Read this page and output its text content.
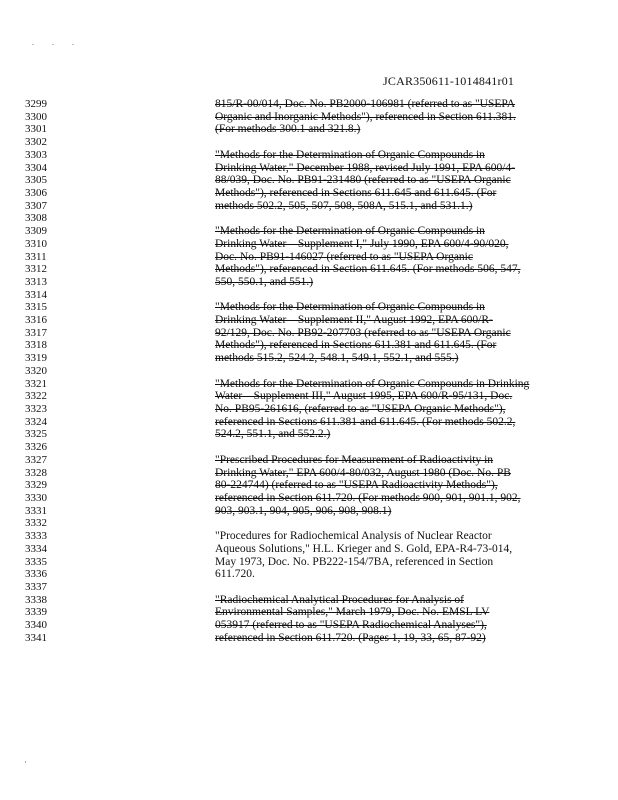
. . .
JCAR350611-1014841r01
3299	815/R-00/014, Doc. No. PB2000-106981 (referred to as "USEPA
3300	Organic and Inorganic Methods"), referenced in Section 611.381.
3301	(For methods 300.1 and 321.8.)
3302
3303	"Methods for the Determination of Organic Compounds in
3304	Drinking Water," December 1988, revised July 1991, EPA 600/4-
3305	88/039, Doc. No. PB91-231480 (referred to as "USEPA Organic
3306	Methods"), referenced in Sections 611.645 and 611.645. (For
3307	methods 502.2, 505, 507, 508, 508A, 515.1, and 531.1.)
3308
3309	"Methods for the Determination of Organic Compounds in
3310	Drinking Water – Supplement I," July 1990, EPA 600/4-90/020,
3311	Doc. No. PB91-146027 (referred to as "USEPA Organic
3312	Methods"), referenced in Section 611.645. (For methods 506, 547,
3313	550, 550.1, and 551.)
3314
3315	"Methods for the Determination of Organic Compounds in
3316	Drinking Water – Supplement II," August 1992, EPA 600/R-
3317	92/129, Doc. No. PB92-207703 (referred to as "USEPA Organic
3318	Methods"), referenced in Sections 611.381 and 611.645. (For
3319	methods 515.2, 524.2, 548.1, 549.1, 552.1, and 555.)
3320
3321	"Methods for the Determination of Organic Compounds in Drinking
3322	Water – Supplement III," August 1995, EPA 600/R-95/131, Doc.
3323	No. PB95-261616, (referred to as "USEPA Organic Methods"),
3324	referenced in Sections 611.381 and 611.645. (For methods 502.2,
3325	524.2, 551.1, and 552.2.)
3326
3327	"Prescribed Procedures for Measurement of Radioactivity in
3328	Drinking Water," EPA 600/4-80/032, August 1980 (Doc. No. PB
3329	80-224744) (referred to as "USEPA Radioactivity Methods"),
3330	referenced in Section 611.720. (For methods 900, 901, 901.1, 902,
3331	903, 903.1, 904, 905, 906, 908, 908.1)
3332
3333	"Procedures for Radiochemical Analysis of Nuclear Reactor
3334	Aqueous Solutions," H.L. Krieger and S. Gold, EPA-R4-73-014,
3335	May 1973, Doc. No. PB222-154/7BA, referenced in Section
3336	611.720.
3337
3338	"Radiochemical Analytical Procedures for Analysis of
3339	Environmental Samples," March 1979, Doc. No. EMSL LV
3340	053917 (referred to as "USEPA Radiochemical Analyses"),
3341	referenced in Section 611.720. (Pages 1, 19, 33, 65, 87-92)
·
